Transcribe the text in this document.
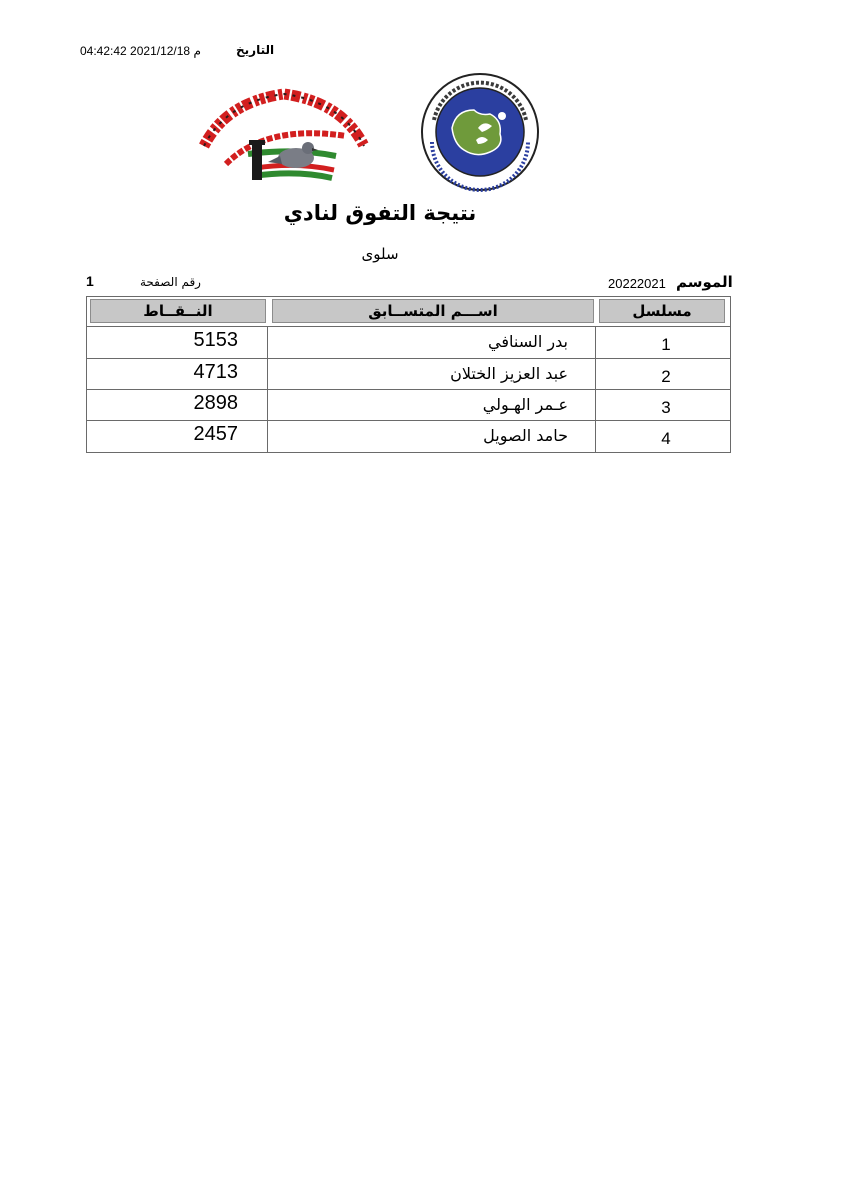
04:42:42 2021/12/18 م	التاريخ
نتيجة التفوق لنادي
سلوى
1	رقم الصفحة	20222021 الموسم
النــقــاط	اســـم المتســابق	مسلسل
5153	بدر السنافي	1
4713	عبد العزيز الختلان	2
2898	عـمر الهـولي	3
2457	حامد الصويل	4
